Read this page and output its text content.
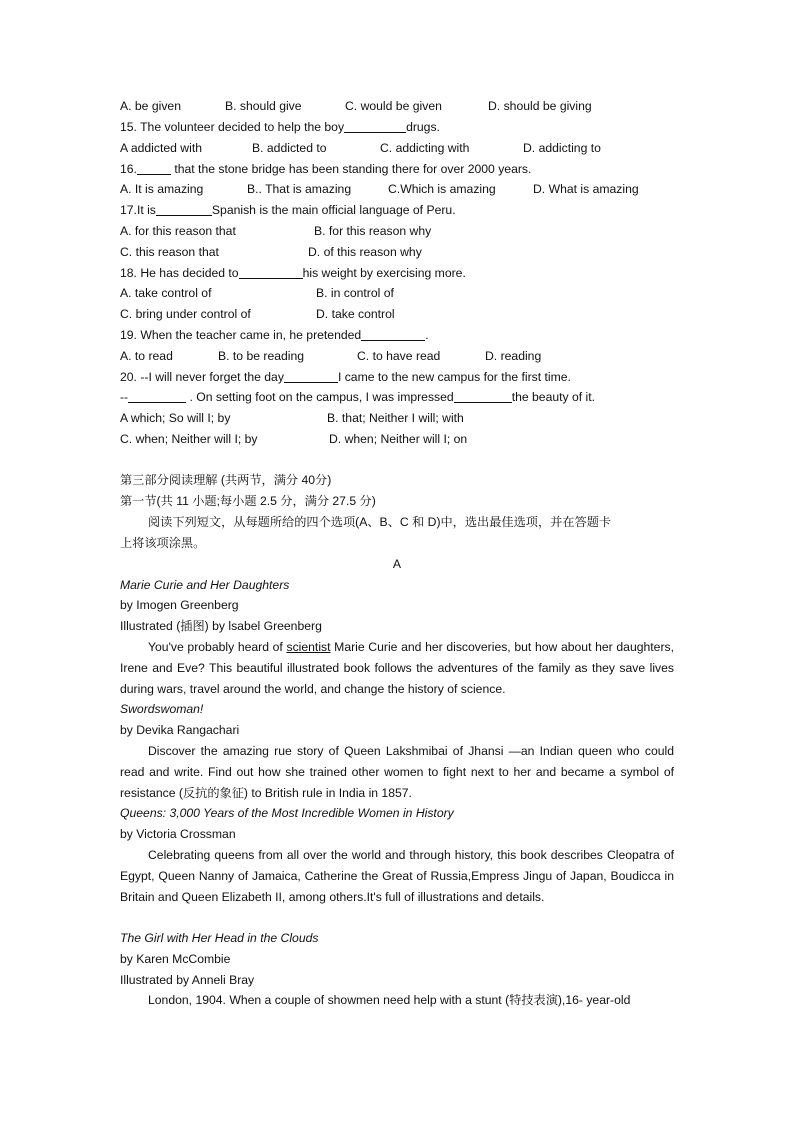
A. be given	B. should give	C. would be given	D. should be giving
15. The volunteer decided to help the boy	drugs.
A addicted with	B. addicted to	C. addicting with	D. addicting to
16.	that the stone bridge has been standing there for over 2000 years.
A. It is amazing	B.. That is amazing	C.Which is amazing	D. What is amazing
17.It is	Spanish is the main official language of Peru.
A. for this reason that	B. for this reason why
C. this reason that	D. of this reason why
18. He has decided to	his weight by exercising more.
A. take control of	B. in control of
C. bring under control of	D. take control
19. When the teacher came in, he pretended	.
A. to read	B. to be reading	C. to have read	D. reading
20. --I will never forget the day	I came to the new campus for the first time.
--	. On setting foot on the campus, I was impressed	the beauty of it.
A which; So will I; by	B. that; Neither I will; with
C. when; Neither will I; by	D. when; Neither will I; on
第三部分阅读理解 (共两节，满分 40分)
第一节(共 11 小题;每小题 2.5 分，满分 27.5 分)
阅读下列短文，从每题所给的四个选项(A、B、C 和 D)中，选出最佳选项，并在答题卡
上将该项涂黑。
A
Marie Curie and Her Daughters
by Imogen Greenberg
Illustrated (插图) by lsabel Greenberg

You've probably heard of scientist Marie Curie and her discoveries, but how about her daughters, Irene and Eve? This beautiful illustrated book follows the adventures of the family as they save lives during wars, travel around the world, and change the history of science.

Swordswoman!
by Devika Rangachari

Discover the amazing rue story of Queen Lakshmibai of Jhansi —an Indian queen who could read and write. Find out how she trained other women to fight next to her and became a symbol of resistance (反抗的象征) to British rule in India in 1857.

Queens: 3,000 Years of the Most Incredible Women in History
by Victoria Crossman

Celebrating queens from all over the world and through history, this book describes Cleopatra of Egypt, Queen Nanny of Jamaica, Catherine the Great of Russia,Empress Jingu of Japan, Boudicca in Britain and Queen Elizabeth II, among others.It's full of illustrations and details.

The Girl with Her Head in the Clouds
by Karen McCombie
Illustrated by Anneli Bray

London, 1904. When a couple of showmen need help with a stunt (特技表演),16- year-old
